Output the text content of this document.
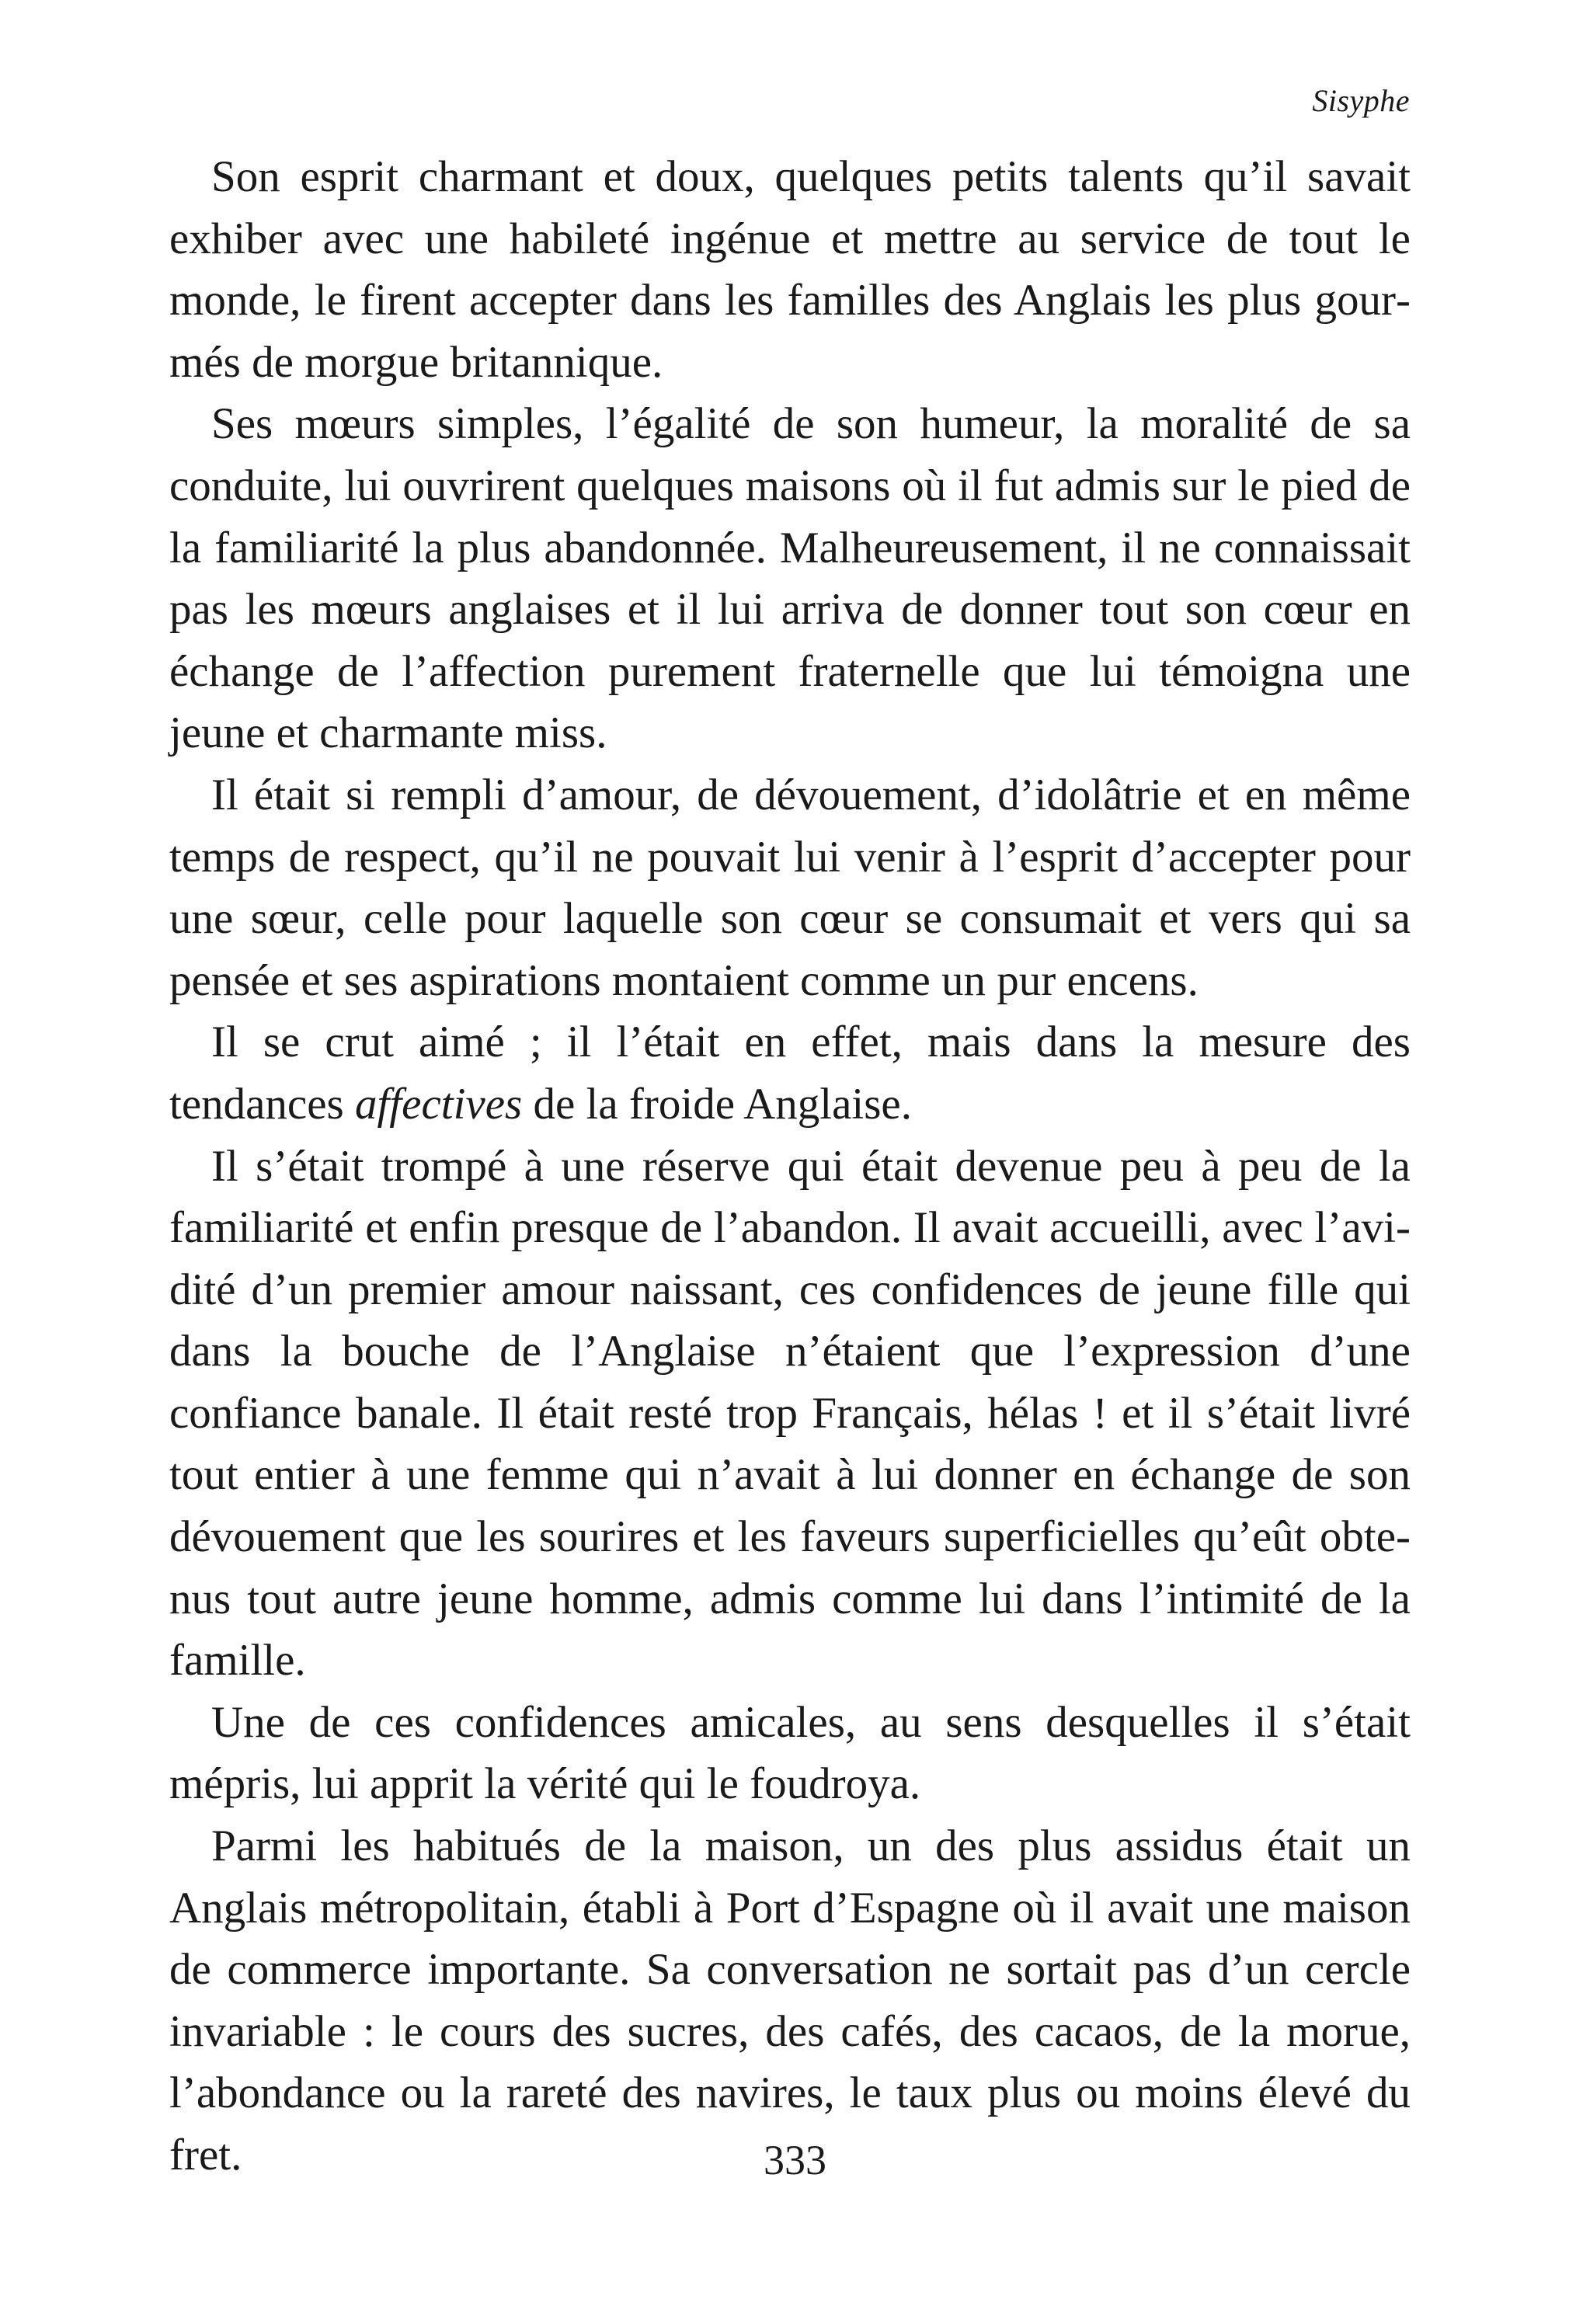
Sisyphe

Son esprit charmant et doux, quelques petits talents qu’il savait exhiber avec une habileté ingénue et mettre au service de tout le monde, le firent accepter dans les familles des Anglais les plus gourmés de morgue britannique.

Ses mœurs simples, l’égalité de son humeur, la moralité de sa conduite, lui ouvrirent quelques maisons où il fut admis sur le pied de la familiarité la plus abandonnée. Malheureusement, il ne connaissait pas les mœurs anglaises et il lui arriva de donner tout son cœur en échange de l’affection purement fraternelle que lui témoigna une jeune et charmante miss.

Il était si rempli d’amour, de dévouement, d’idolâtrie et en même temps de respect, qu’il ne pouvait lui venir à l’esprit d’accepter pour une sœur, celle pour laquelle son cœur se consumait et vers qui sa pensée et ses aspirations montaient comme un pur encens.

Il se crut aimé ; il l’était en effet, mais dans la mesure des tendances affectives de la froide Anglaise.

Il s’était trompé à une réserve qui était devenue peu à peu de la familiarité et enfin presque de l’abandon. Il avait accueilli, avec l’avidité d’un premier amour naissant, ces confidences de jeune fille qui dans la bouche de l’Anglaise n’étaient que l’expression d’une confiance banale. Il était resté trop Français, hélas ! et il s’était livré tout entier à une femme qui n’avait à lui donner en échange de son dévouement que les sourires et les faveurs superficielles qu’eût obtenus tout autre jeune homme, admis comme lui dans l’intimité de la famille.

Une de ces confidences amicales, au sens desquelles il s’était mépris, lui apprit la vérité qui le foudroya.

Parmi les habitués de la maison, un des plus assidus était un Anglais métropolitain, établi à Port d’Espagne où il avait une maison de commerce importante. Sa conversation ne sortait pas d’un cercle invariable : le cours des sucres, des cafés, des cacaos, de la morue, l’abondance ou la rareté des navires, le taux plus ou moins élevé du fret.	333
